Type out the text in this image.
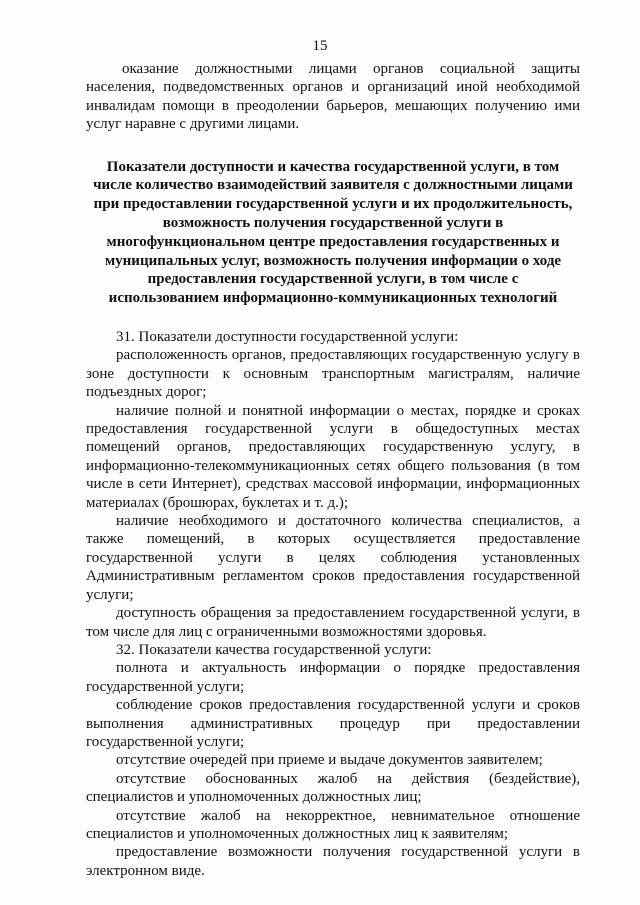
15

оказание должностными лицами органов социальной защиты населения, подведомственных органов и организаций иной необходимой инвалидам помощи в преодолении барьеров, мешающих получению ими услуг наравне с другими лицами.

Показатели доступности и качества государственной услуги, в том
числе количество взаимодействий заявителя с должностными лицами
при предоставлении государственной услуги и их продолжительность,
возможность получения государственной услуги в
многофункциональном центре предоставления государственных и
муниципальных услуг, возможность получения информации о ходе
предоставления государственной услуги, в том числе с
использованием информационно-коммуникационных технологий

31. Показатели доступности государственной услуги:

расположенность органов, предоставляющих государственную услугу в зоне доступности к основным транспортным магистралям, наличие подъездных дорог;

наличие полной и понятной информации о местах, порядке и сроках предоставления государственной услуги в общедоступных местах помещений органов, предоставляющих государственную услугу, в информационно-телекоммуникационных сетях общего пользования (в том числе в сети Интернет), средствах массовой информации, информационных материалах (брошюрах, буклетах и т. д.);

наличие необходимого и достаточного количества специалистов, а также помещений, в которых осуществляется предоставление государственной услуги в целях соблюдения установленных Административным регламентом сроков предоставления государственной услуги;

доступность обращения за предоставлением государственной услуги, в том числе для лиц с ограниченными возможностями здоровья.

32. Показатели качества государственной услуги:

полнота и актуальность информации о порядке предоставления государственной услуги;

соблюдение сроков предоставления государственной услуги и сроков выполнения административных процедур при предоставлении государственной услуги;

отсутствие очередей при приеме и выдаче документов заявителем;

отсутствие обоснованных жалоб на действия (бездействие), специалистов и уполномоченных должностных лиц;

отсутствие жалоб на некорректное, невнимательное отношение специалистов и уполномоченных должностных лиц к заявителям;

предоставление возможности получения государственной услуги в электронном виде.
